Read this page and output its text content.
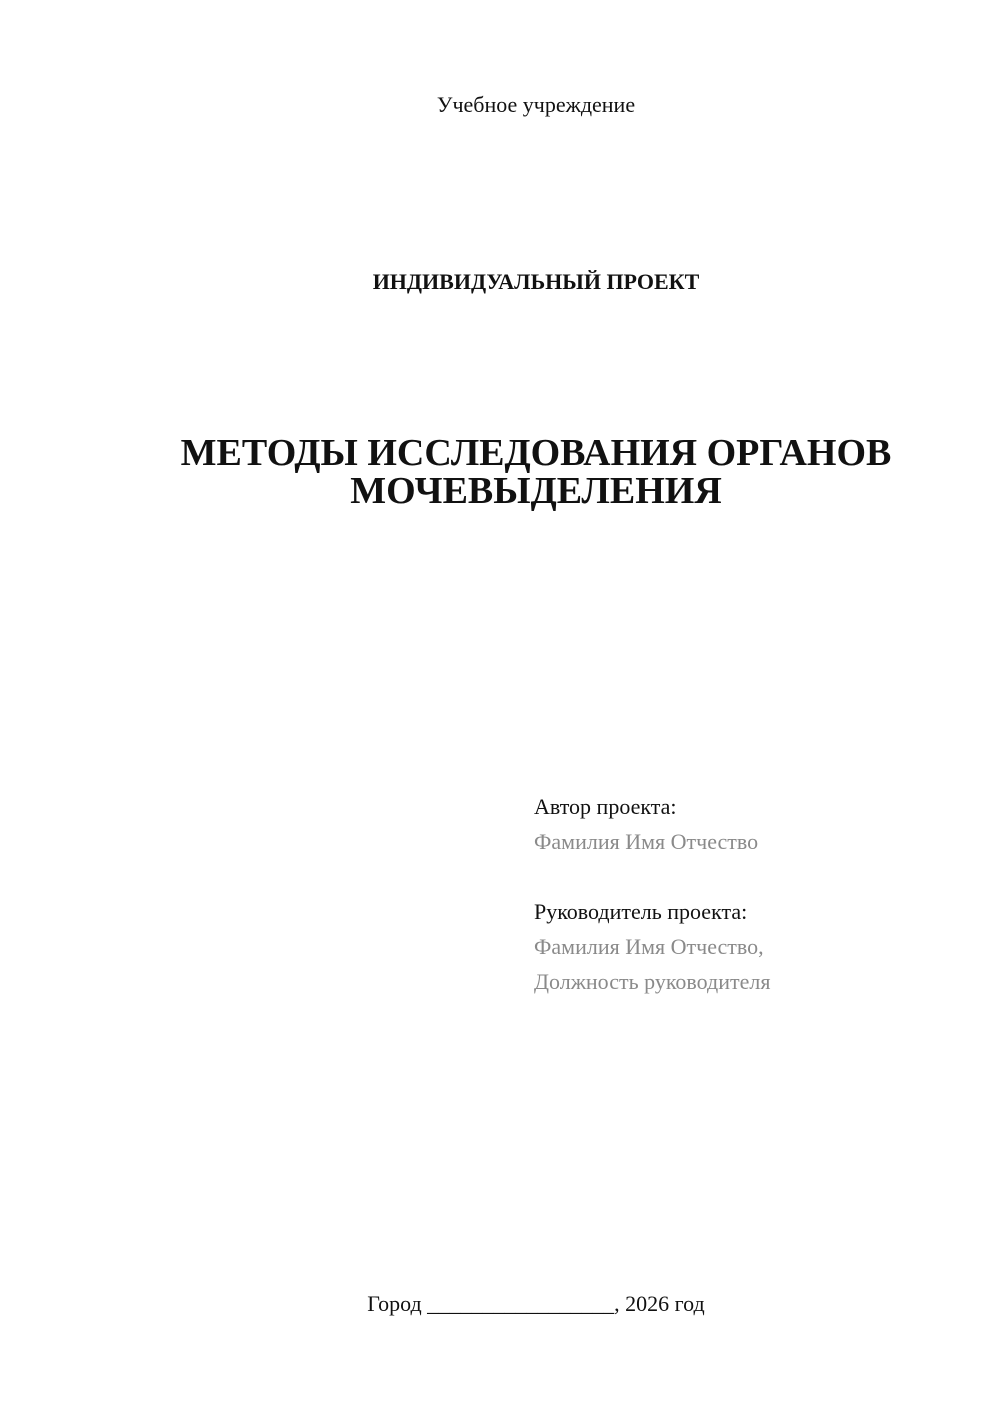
Учебное учреждение
ИНДИВИДУАЛЬНЫЙ ПРОЕКТ
МЕТОДЫ ИССЛЕДОВАНИЯ ОРГАНОВ
МОЧЕВЫДЕЛЕНИЯ
Автор проекта:
Фамилия Имя Отчество
Руководитель проекта:
Фамилия Имя Отчество,
Должность руководителя
Город _________________, 2026 год
